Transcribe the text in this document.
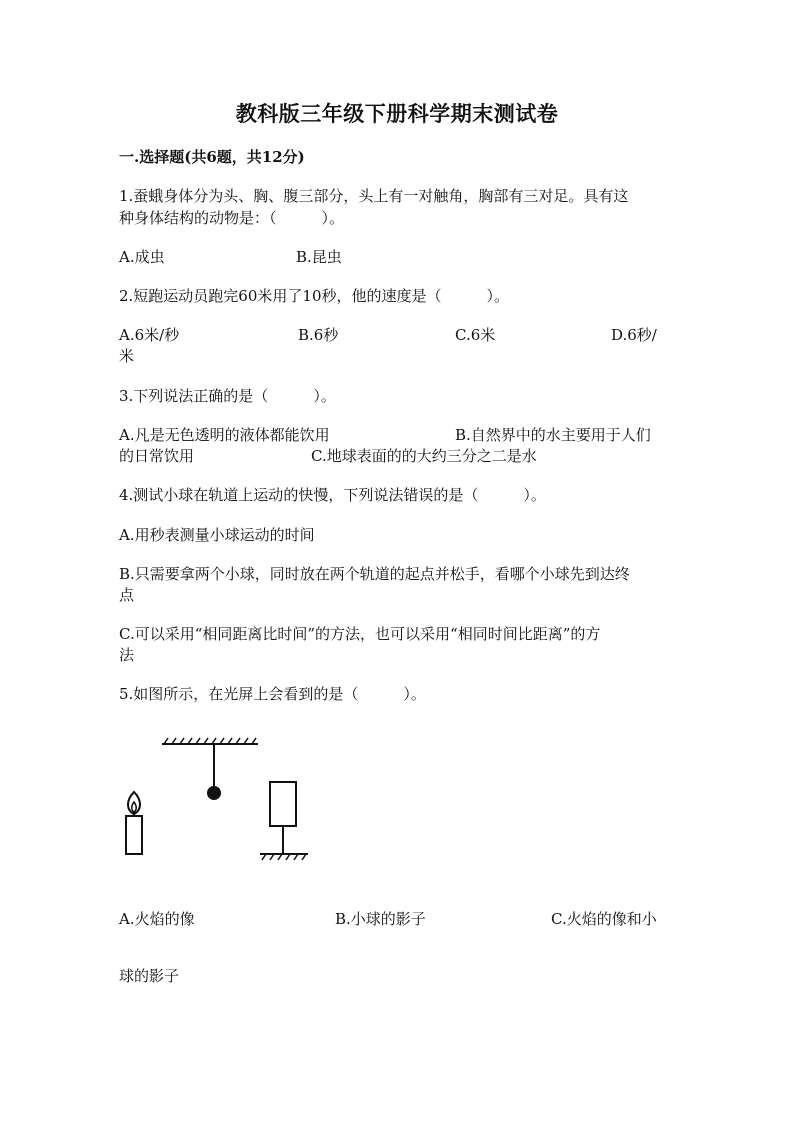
教科版三年级下册科学期末测试卷
一.选择题(共6题，共12分)
1.蚕蛾身体分为头、胸、腹三部分，头上有一对触角，胸部有三对足。具有这
种身体结构的动物是：（　　　）。
A.成虫	B.昆虫
2.短跑运动员跑完60米用了10秒，他的速度是（　　　）。
A.6米/秒	B.6秒	C.6米	D.6秒/
米
3.下列说法正确的是（　　　）。
A.凡是无色透明的液体都能饮用	B.自然界中的水主要用于人们
的日常饮用	C.地球表面的的大约三分之二是水
4.测试小球在轨道上运动的快慢，下列说法错误的是（　　　）。
A.用秒表测量小球运动的时间
B.只需要拿两个小球，同时放在两个轨道的起点并松手，看哪个小球先到达终
点
C.可以采用“相同距离比时间”的方法，也可以采用“相同时间比距离”的方
法
5.如图所示，在光屏上会看到的是（　　　）。
A.火焰的像	B.小球的影子	C.火焰的像和小
球的影子
